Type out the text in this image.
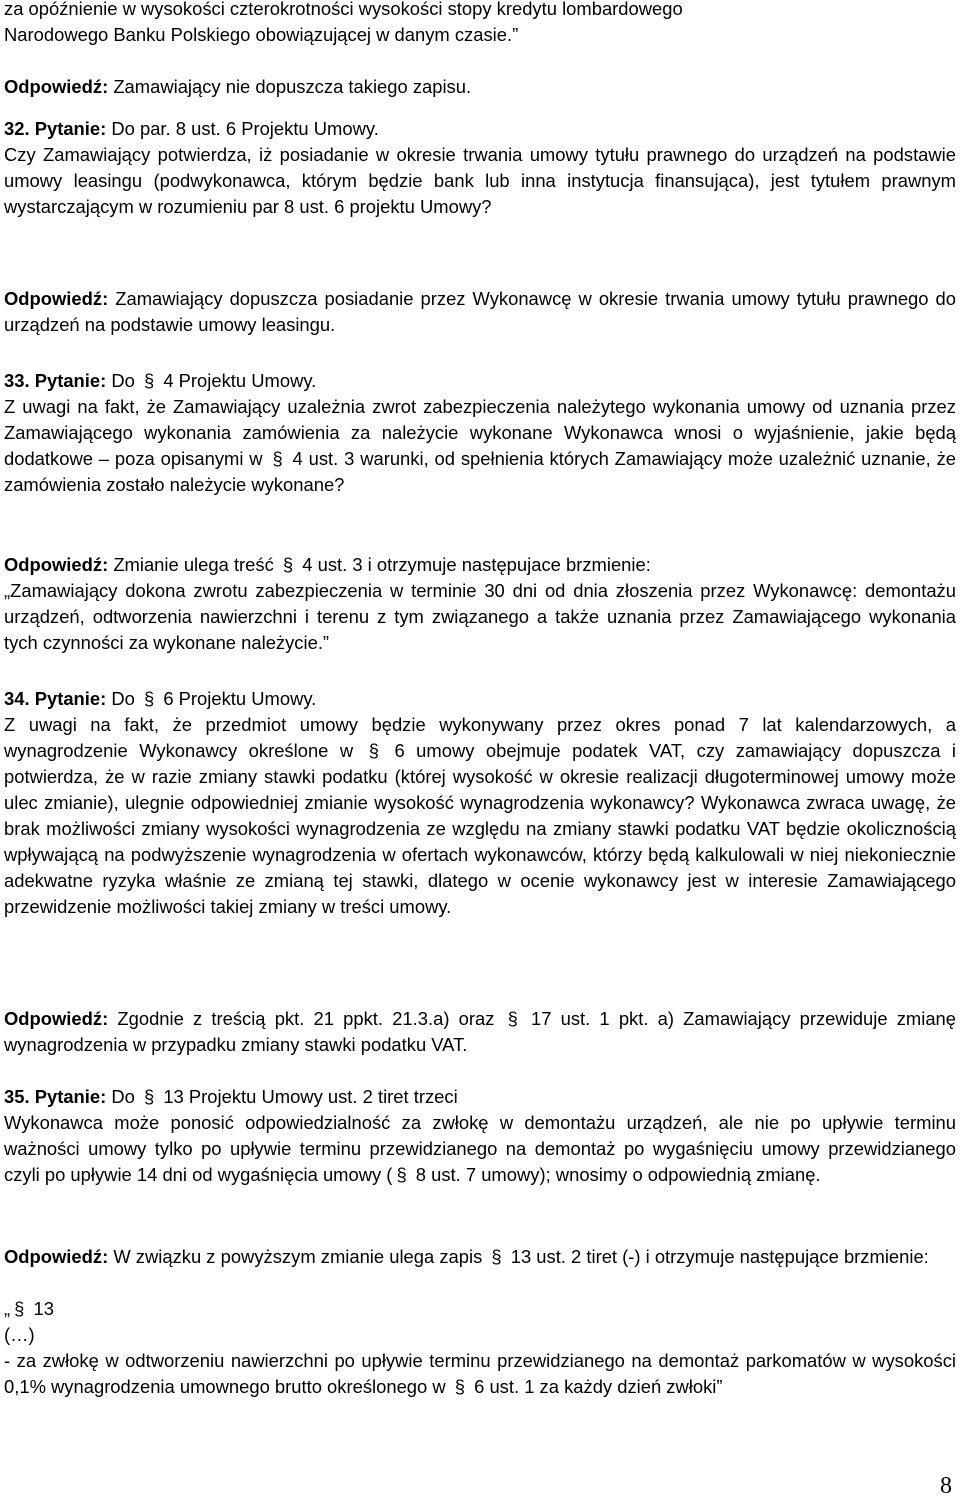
za opóźnienie w wysokości czterokrotności wysokości stopy kredytu lombardowego
Narodowego Banku Polskiego obowiązującej w danym czasie.”

Odpowiedź: Zamawiający nie dopuszcza takiego zapisu.

32. Pytanie: Do par. 8 ust. 6 Projektu Umowy.

Czy Zamawiający potwierdza, iż posiadanie w okresie trwania umowy tytułu prawnego do urządzeń na podstawie umowy leasingu (podwykonawca, którym będzie bank lub inna instytucja finansująca), jest tytułem prawnym wystarczającym w rozumieniu par 8 ust. 6 projektu Umowy?

Odpowiedź: Zamawiający dopuszcza posiadanie przez Wykonawcę w okresie trwania umowy tytułu prawnego do urządzeń na podstawie umowy leasingu.

33. Pytanie: Do § 4 Projektu Umowy.

Z uwagi na fakt, że Zamawiający uzależnia zwrot zabezpieczenia należytego wykonania umowy od uznania przez Zamawiającego wykonania zamówienia za należycie wykonane Wykonawca wnosi o wyjaśnienie, jakie będą dodatkowe – poza opisanymi w § 4 ust. 3 warunki, od spełnienia których Zamawiający może uzależnić uznanie, że zamówienia zostało należycie wykonane?

Odpowiedź: Zmianie ulega treść § 4 ust. 3 i otrzymuje następujace brzmienie:

„Zamawiający dokona zwrotu zabezpieczenia w terminie 30 dni od dnia złoszenia przez Wykonawcę: demontażu urządzeń, odtworzenia nawierzchni i terenu z tym związanego a także uznania przez Zamawiającego wykonania tych czynności za wykonane należycie.”

34. Pytanie: Do § 6 Projektu Umowy.

Z uwagi na fakt, że przedmiot umowy będzie wykonywany przez okres ponad 7 lat kalendarzowych, a wynagrodzenie Wykonawcy określone w § 6 umowy obejmuje podatek VAT, czy zamawiający dopuszcza i potwierdza, że w razie zmiany stawki podatku (której wysokość w okresie realizacji długoterminowej umowy może ulec zmianie), ulegnie odpowiedniej zmianie wysokość wynagrodzenia wykonawcy? Wykonawca zwraca uwagę, że brak możliwości zmiany wysokości wynagrodzenia ze względu na zmiany stawki podatku VAT będzie okolicznością wpływającą na podwyższenie wynagrodzenia w ofertach wykonawców, którzy będą kalkulowali w niej niekoniecznie adekwatne ryzyka właśnie ze zmianą tej stawki, dlatego w ocenie wykonawcy jest w interesie Zamawiającego przewidzenie możliwości takiej zmiany w treści umowy.

Odpowiedź: Zgodnie z treścią pkt. 21 ppkt. 21.3.a) oraz § 17 ust. 1 pkt. a) Zamawiający przewiduje zmianę wynagrodzenia w przypadku zmiany stawki podatku VAT.

35. Pytanie: Do § 13 Projektu Umowy ust. 2 tiret trzeci

Wykonawca może ponosić odpowiedzialność za zwłokę w demontażu urządzeń, ale nie po upływie terminu ważności umowy tylko po upływie terminu przewidzianego na demontaż po wygaśnięciu umowy przewidzianego czyli po upływie 14 dni od wygaśnięcia umowy ( § 8 ust. 7 umowy); wnosimy o odpowiednią zmianę.

Odpowiedź: W związku z powyższym zmianie ulega zapis § 13 ust. 2 tiret (-) i otrzymuje następujące brzmienie:

„ § 13

(…)

- za zwłokę w odtworzeniu nawierzchni po upływie terminu przewidzianego na demontaż parkomatów w wysokości 0,1% wynagrodzenia umownego brutto określonego w § 6 ust. 1 za każdy dzień zwłoki”

8
